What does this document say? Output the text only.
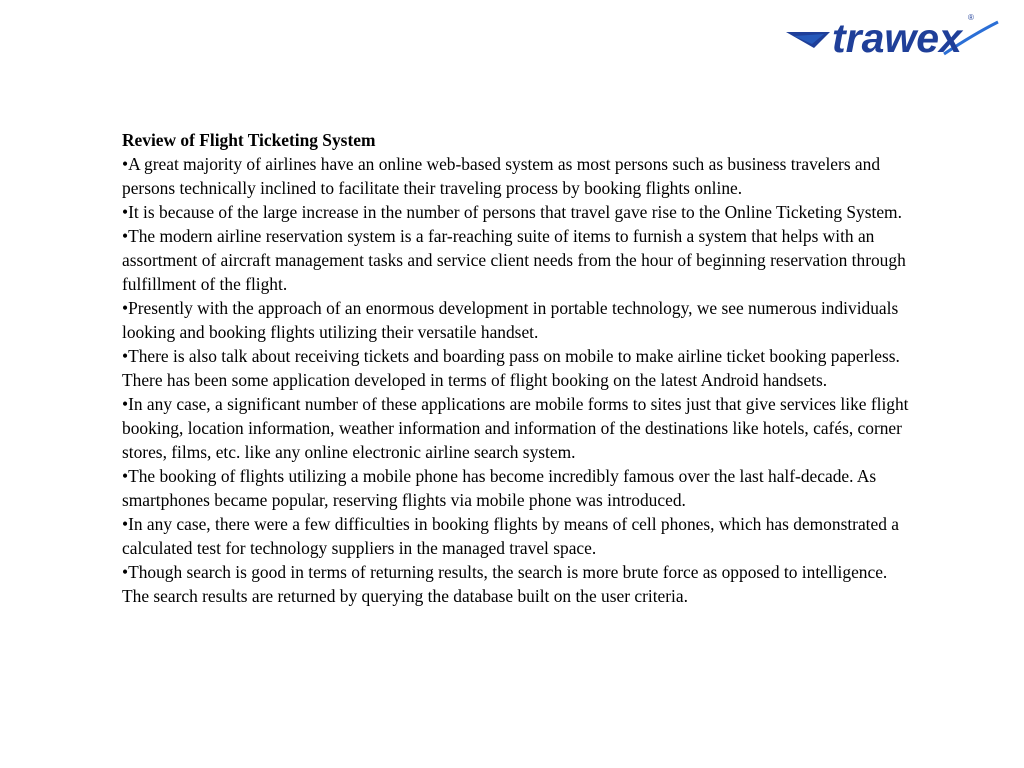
trawex ®

Review of Flight Ticketing System

•A great majority of airlines have an online web-based system as most persons such as business travelers and persons technically inclined to facilitate their traveling process by booking flights online.

•It is because of the large increase in the number of persons that travel gave rise to the Online Ticketing System.

•The modern airline reservation system is a far-reaching suite of items to furnish a system that helps with an assortment of aircraft management tasks and service client needs from the hour of beginning reservation through fulfillment of the flight.

•Presently with the approach of an enormous development in portable technology, we see numerous individuals looking and booking flights utilizing their versatile handset.

•There is also talk about receiving tickets and boarding pass on mobile to make airline ticket booking paperless. There has been some application developed in terms of flight booking on the latest Android handsets.

•In any case, a significant number of these applications are mobile forms to sites just that give services like flight booking, location information, weather information and information of the destinations like hotels, cafés, corner stores, films, etc. like any online electronic airline search system.

•The booking of flights utilizing a mobile phone has become incredibly famous over the last half-decade. As smartphones became popular, reserving flights via mobile phone was introduced.

•In any case, there were a few difficulties in booking flights by means of cell phones, which has demonstrated a calculated test for technology suppliers in the managed travel space.

•Though search is good in terms of returning results, the search is more brute force as opposed to intelligence. The search results are returned by querying the database built on the user criteria.
